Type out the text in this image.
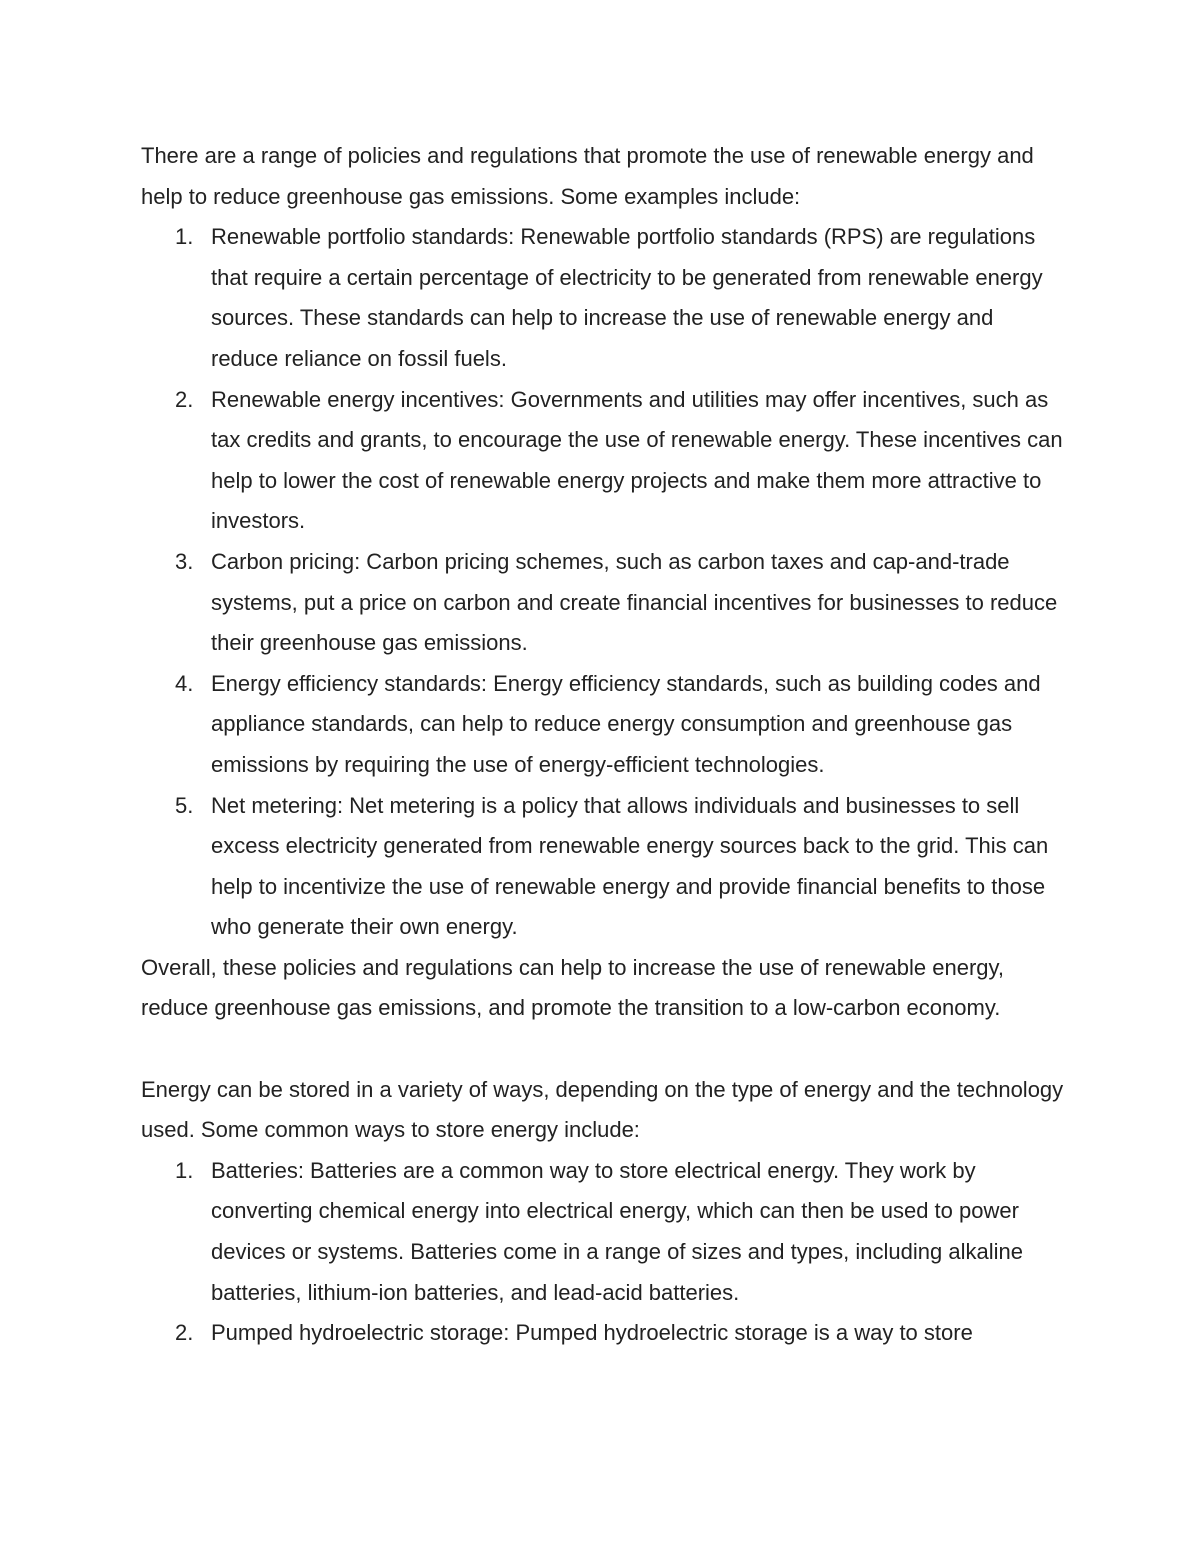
There are a range of policies and regulations that promote the use of renewable energy and help to reduce greenhouse gas emissions. Some examples include:

1. Renewable portfolio standards: Renewable portfolio standards (RPS) are regulations that require a certain percentage of electricity to be generated from renewable energy sources. These standards can help to increase the use of renewable energy and reduce reliance on fossil fuels.
2. Renewable energy incentives: Governments and utilities may offer incentives, such as tax credits and grants, to encourage the use of renewable energy. These incentives can help to lower the cost of renewable energy projects and make them more attractive to investors.
3. Carbon pricing: Carbon pricing schemes, such as carbon taxes and cap-and-trade systems, put a price on carbon and create financial incentives for businesses to reduce their greenhouse gas emissions.
4. Energy efficiency standards: Energy efficiency standards, such as building codes and appliance standards, can help to reduce energy consumption and greenhouse gas emissions by requiring the use of energy-efficient technologies.
5. Net metering: Net metering is a policy that allows individuals and businesses to sell excess electricity generated from renewable energy sources back to the grid. This can help to incentivize the use of renewable energy and provide financial benefits to those who generate their own energy.

Overall, these policies and regulations can help to increase the use of renewable energy, reduce greenhouse gas emissions, and promote the transition to a low-carbon economy.

Energy can be stored in a variety of ways, depending on the type of energy and the technology used. Some common ways to store energy include:

1. Batteries: Batteries are a common way to store electrical energy. They work by converting chemical energy into electrical energy, which can then be used to power devices or systems. Batteries come in a range of sizes and types, including alkaline batteries, lithium-ion batteries, and lead-acid batteries.
2. Pumped hydroelectric storage: Pumped hydroelectric storage is a way to store
